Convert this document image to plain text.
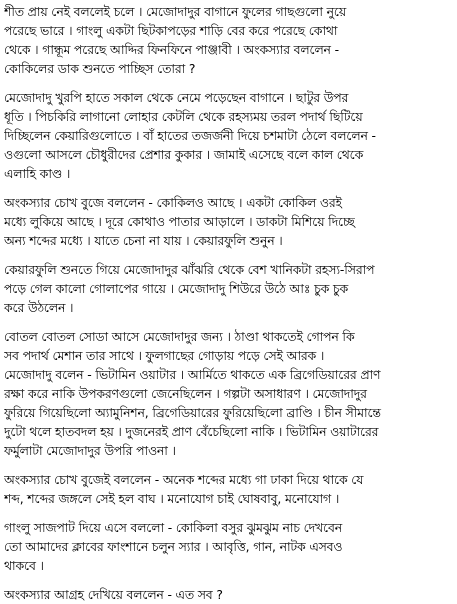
শীত প্রায় নেই বললেই চলে । মেজোদাদুর বাগানে ফুলের গাছগুলো নুয়ে
পরেছে ভারে । গাংলু একটা ছিটকাপড়ের শাড়ি বের করে পরেছে কোথা
থেকে । গান্ধূম পরেছে আদ্দির ফিনফিনে পাঞ্জাবী । অংকস্যার বললেন -
কোকিলের ডাক শুনতে পাচ্ছিস তোরা ?
মেজোদাদু খুরপি হাতে সকাল থেকে নেমে পড়েছেন বাগানে । ছাটুর উপর
ধূতি । পিচকিরি লাগানো লোহার কেটলি থেকে রহস্যময় তরল পদার্থ ছিটিয়ে
দিচ্ছিলেন কেয়ারিগুলোতে । বাঁ হাতের তজর্জনী দিয়ে চশমাটা ঠেলে বললেন -
ওগুলো আসলে চৌধুরীদের প্রেশার কুকার । জামাই এসেছে বলে কাল থেকে
এলাহি কাণ্ড ।
অংকস্যার চোখ বুজে বললেন - কোকিলও আছে । একটা কোকিল ওরই
মধ্যে লুকিয়ে আছে । দূরে কোথাও পাতার আড়ালে । ডাকটা মিশিয়ে দিচ্ছে
অন্য শব্দের মধ্যে । যাতে চেনা না যায় । কেয়ারফুলি শুনুন ।
কেয়ারফুলি শুনতে গিয়ে মেজোদাদুর ঝাঁঝরি থেকে বেশ খানিকটা রহস্য-সিরাপ
পড়ে গেল কালো গোলাপের গায়ে । মেজোদাদু শিউরে উঠে আঃ চুক চুক
করে উঠলেন ।
বোতল বোতল সোডা আসে মেজোদাদুর জন্য । ঠাণ্ডা থাকতেই গোপন কি
সব পদার্থ মেশান তার সাথে । ফুলগাছের গোড়ায় পড়ে সেই আরক ।
মেজোদাদু বলেন - ভিটামিন ওয়াটার । আর্মিতে থাকতে এক ব্রিগেডিয়ারের প্রাণ
রক্ষা করে নাকি উপকরণগুলো জেনেছিলেন । গল্পটা অসাধারণ । মেজোদাদুর
ফুরিয়ে গিয়েছিলো অ্যামুনিশন, ব্রিগেডিয়ারের ফুরিয়েছিলো ব্রাণ্ডি । চীন সীমান্তে
দুটো থলে হাতবদল হয় । দুজনেরই প্রাণ বেঁচেছিলো নাকি । ভিটামিন ওয়াটারের
ফর্মুলাটা মেজোদাদুর উপরি পাওনা ।
অংকস্যার চোখ বুজেই বললেন - অনেক শব্দের মধ্যে গা ঢাকা দিয়ে থাকে যে
শব্দ, শব্দের জঙ্গলে সেই হল বাঘ । মনোযোগ চাই ঘোষবাবু, মনোযোগ ।
গাংলু সাজপাট দিয়ে এসে বললো - কোকিলা বসুর ঝুমঝুম নাচ দেখবেন
তো আমাদের ক্লাবের ফাংশানে চলুন স্যার । আবৃত্তি, গান, নাটক এসবও
থাকবে ।
অংকস্যার আগ্রহ দেখিয়ে বললেন - এত সব ?
